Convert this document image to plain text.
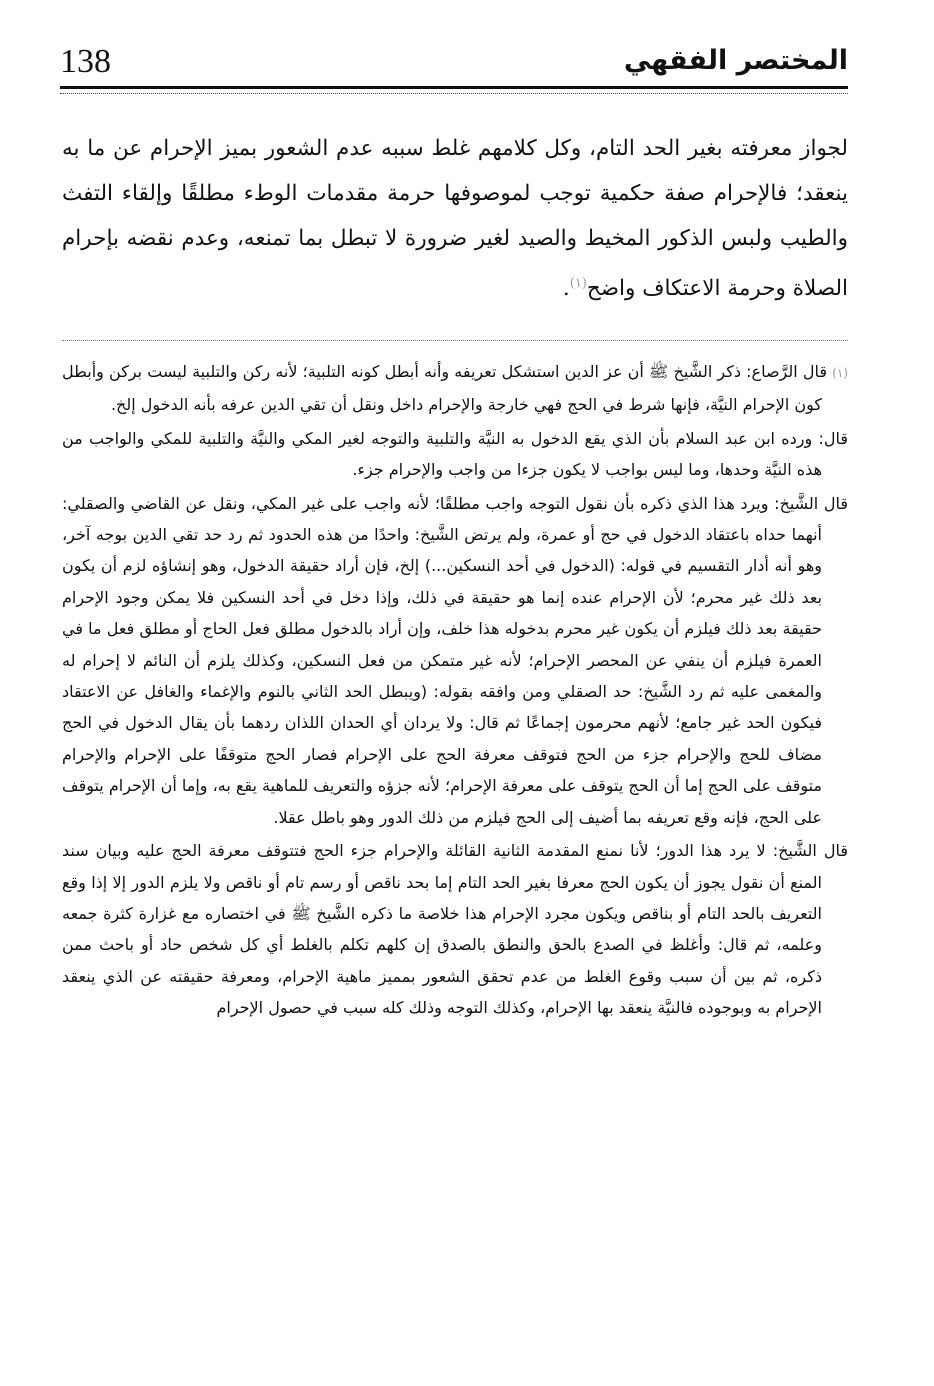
138	المختصر الفقهي

لجواز معرفته بغير الحد التام، وكل كلامهم غلط سببه عدم الشعور بميز الإحرام عن ما به ينعقد؛ فالإحرام صفة حكمية توجب لموصوفها حرمة مقدمات الوطء مطلقًا وإلقاء التفث والطيب ولبس الذكور المخيط والصيد لغير ضرورة لا تبطل بما تمنعه، وعدم نقضه بإحرام الصلاة وحرمة الاعتكاف واضح$^{(١)}$.

(١) قال الرَّصاع: ذكر الشَّيخ ﷺ أن عز الدين استشكل تعريفه وأنه أبطل كونه التلبية؛ لأنه ركن والتلبية ليست بركن وأبطل كون الإحرام النيَّة، فإنها شرط في الحج فهي خارجة والإحرام داخل ونقل أن تقي الدين عرفه بأنه الدخول إلخ.

قال: ورده ابن عبد السلام بأن الذي يقع الدخول به النيَّة والتلبية والتوجه لغير المكي والنيَّة والتلبية للمكي والواجب من هذه النيَّة وحدها، وما ليس بواجب لا يكون جزءا من واجب والإحرام جزء.

قال الشَّيخ: ويرد هذا الذي ذكره بأن نقول التوجه واجب مطلقًا؛ لأنه واجب على غير المكي، ونقل عن القاضي والصقلي: أنهما حداه باعتقاد الدخول في حج أو عمرة، ولم يرتض الشَّيخ: واحدًا من هذه الحدود ثم رد حد تقي الدين بوجه آخر، وهو أنه أدار التقسيم في قوله: (الدخول في أحد النسكين...) إلخ، فإن أراد حقيقة الدخول، وهو إنشاؤه لزم أن يكون بعد ذلك غير محرم؛ لأن الإحرام عنده إنما هو حقيقة في ذلك، وإذا دخل في أحد النسكين فلا يمكن وجود الإحرام حقيقة بعد ذلك فيلزم أن يكون غير محرم بدخوله هذا خلف، وإن أراد بالدخول مطلق فعل الحاج أو مطلق فعل ما في العمرة فيلزم أن ينفي عن المحصر الإحرام؛ لأنه غير متمكن من فعل النسكين، وكذلك يلزم أن النائم لا إحرام له والمغمى عليه ثم رد الشَّيخ: حد الصقلي ومن وافقه بقوله: (ويبطل الحد الثاني بالنوم والإغماء والغافل عن الاعتقاد فيكون الحد غير جامع؛ لأنهم محرمون إجماعًا ثم قال: ولا يردان أي الحدان اللذان ردهما بأن يقال الدخول في الحج مضاف للحج والإحرام جزء من الحج فتوقف معرفة الحج على الإحرام فصار الحج متوقفًا على الإحرام والإحرام متوقف على الحج إما أن الحج يتوقف على معرفة الإحرام؛ لأنه جزؤه والتعريف للماهية يقع به، وإما أن الإحرام يتوقف على الحج، فإنه وقع تعريفه بما أضيف إلى الحج فيلزم من ذلك الدور وهو باطل عقلا.

قال الشَّيخ: لا يرد هذا الدور؛ لأنا نمنع المقدمة الثانية القائلة والإحرام جزء الحج فتتوقف معرفة الحج عليه وبيان سند المنع أن نقول يجوز أن يكون الحج معرفا بغير الحد التام إما بحد ناقص أو رسم تام أو ناقص ولا يلزم الدور إلا إذا وقع التعريف بالحد التام أو بناقص ويكون مجرد الإحرام هذا خلاصة ما ذكره الشَّيخ ﷺ في اختصاره مع غزارة كثرة جمعه وعلمه، ثم قال: وأغلظ في الصدع بالحق والنطق بالصدق إن كلهم تكلم بالغلط أي كل شخص حاد أو باحث ممن ذكره، ثم بين أن سبب وقوع الغلط من عدم تحقق الشعور بمميز ماهية الإحرام، ومعرفة حقيقته عن الذي ينعقد الإحرام به وبوجوده فالنيَّة ينعقد بها الإحرام، وكذلك التوجه وذلك كله سبب في حصول الإحرام
